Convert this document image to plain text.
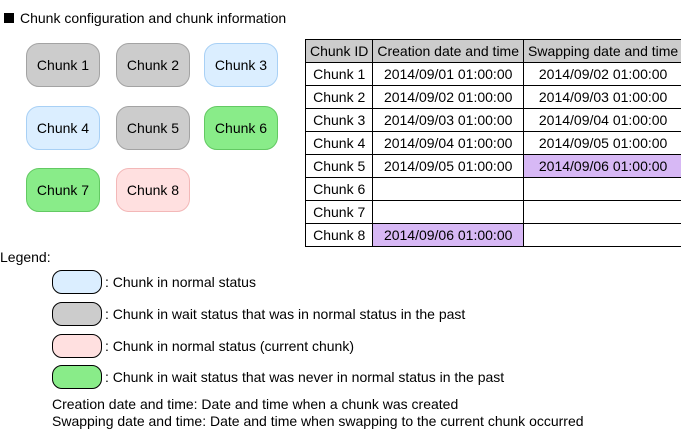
Chunk configuration and chunk information
Chunk 1	Chunk 2	Chunk 3
Chunk 4	Chunk 5	Chunk 6
Chunk 7	Chunk 8
Chunk ID	Creation date and time	Swapping date and time
Chunk 1	2014/09/01 01:00:00	2014/09/02 01:00:00
Chunk 2	2014/09/02 01:00:00	2014/09/03 01:00:00
Chunk 3	2014/09/03 01:00:00	2014/09/04 01:00:00
Chunk 4	2014/09/04 01:00:00	2014/09/05 01:00:00
Chunk 5	2014/09/05 01:00:00	2014/09/06 01:00:00
Chunk 6		
Chunk 7		
Chunk 8	2014/09/06 01:00:00	
Legend:
: Chunk in normal status
: Chunk in wait status that was in normal status in the past
: Chunk in normal status (current chunk)
: Chunk in wait status that was never in normal status in the past
Creation date and time: Date and time when a chunk was created
Swapping date and time: Date and time when swapping to the current chunk occurred
